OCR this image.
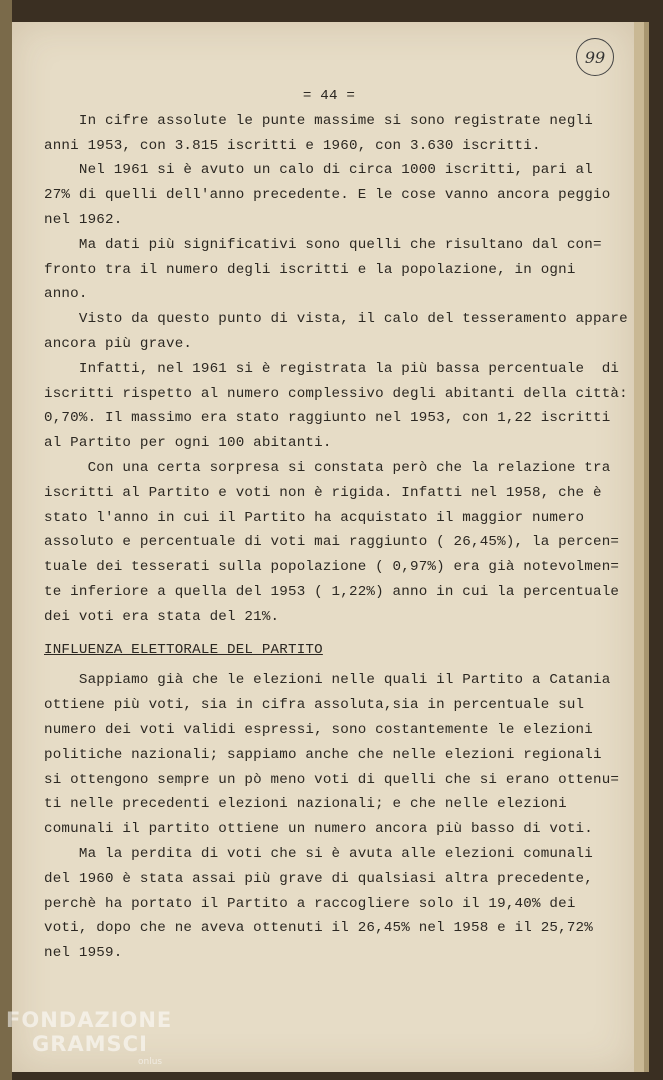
99

= 44 =

In cifre assolute le punte massime si sono registrate negli

anni 1953, con 3.815 iscritti e 1960, con 3.630 iscritti.

Nel 1961 si è avuto un calo di circa 1000 iscritti, pari al

27% di quelli dell'anno precedente. E le cose vanno ancora peggio

nel 1962.

Ma dati più significativi sono quelli che risultano dal con=

fronto tra il numero degli iscritti e la popolazione, in ogni

anno.

Visto da questo punto di vista, il calo del tesseramento appare

ancora più grave.

Infatti, nel 1961 si è registrata la più bassa percentuale  di

iscritti rispetto al numero complessivo degli abitanti della città:

0,70%. Il massimo era stato raggiunto nel 1953, con 1,22 iscritti

al Partito per ogni 100 abitanti.

Con una certa sorpresa si constata però che la relazione tra

iscritti al Partito e voti non è rigida. Infatti nel 1958, che è

stato l'anno in cui il Partito ha acquistato il maggior numero

assoluto e percentuale di voti mai raggiunto ( 26,45%), la percen=

tuale dei tesserati sulla popolazione ( 0,97%) era già notevolmen=

te inferiore a quella del 1953 ( 1,22%) anno in cui la percentuale

dei voti era stata del 21%.

INFLUENZA ELETTORALE DEL PARTITO

Sappiamo già che le elezioni nelle quali il Partito a Catania

ottiene più voti, sia in cifra assoluta,sia in percentuale sul

numero dei voti validi espressi, sono costantemente le elezioni

politiche nazionali; sappiamo anche che nelle elezioni regionali

si ottengono sempre un pò meno voti di quelli che si erano ottenu=

ti nelle precedenti elezioni nazionali; e che nelle elezioni

comunali il partito ottiene un numero ancora più basso di voti.

Ma la perdita di voti che si è avuta alle elezioni comunali

del 1960 è stata assai più grave di qualsiasi altra precedente,

perchè ha portato il Partito a raccogliere solo il 19,40% dei

voti, dopo che ne aveva ottenuti il 26,45% nel 1958 e il 25,72%

nel 1959.

FONDAZIONE
GRAMSCI
onlus
